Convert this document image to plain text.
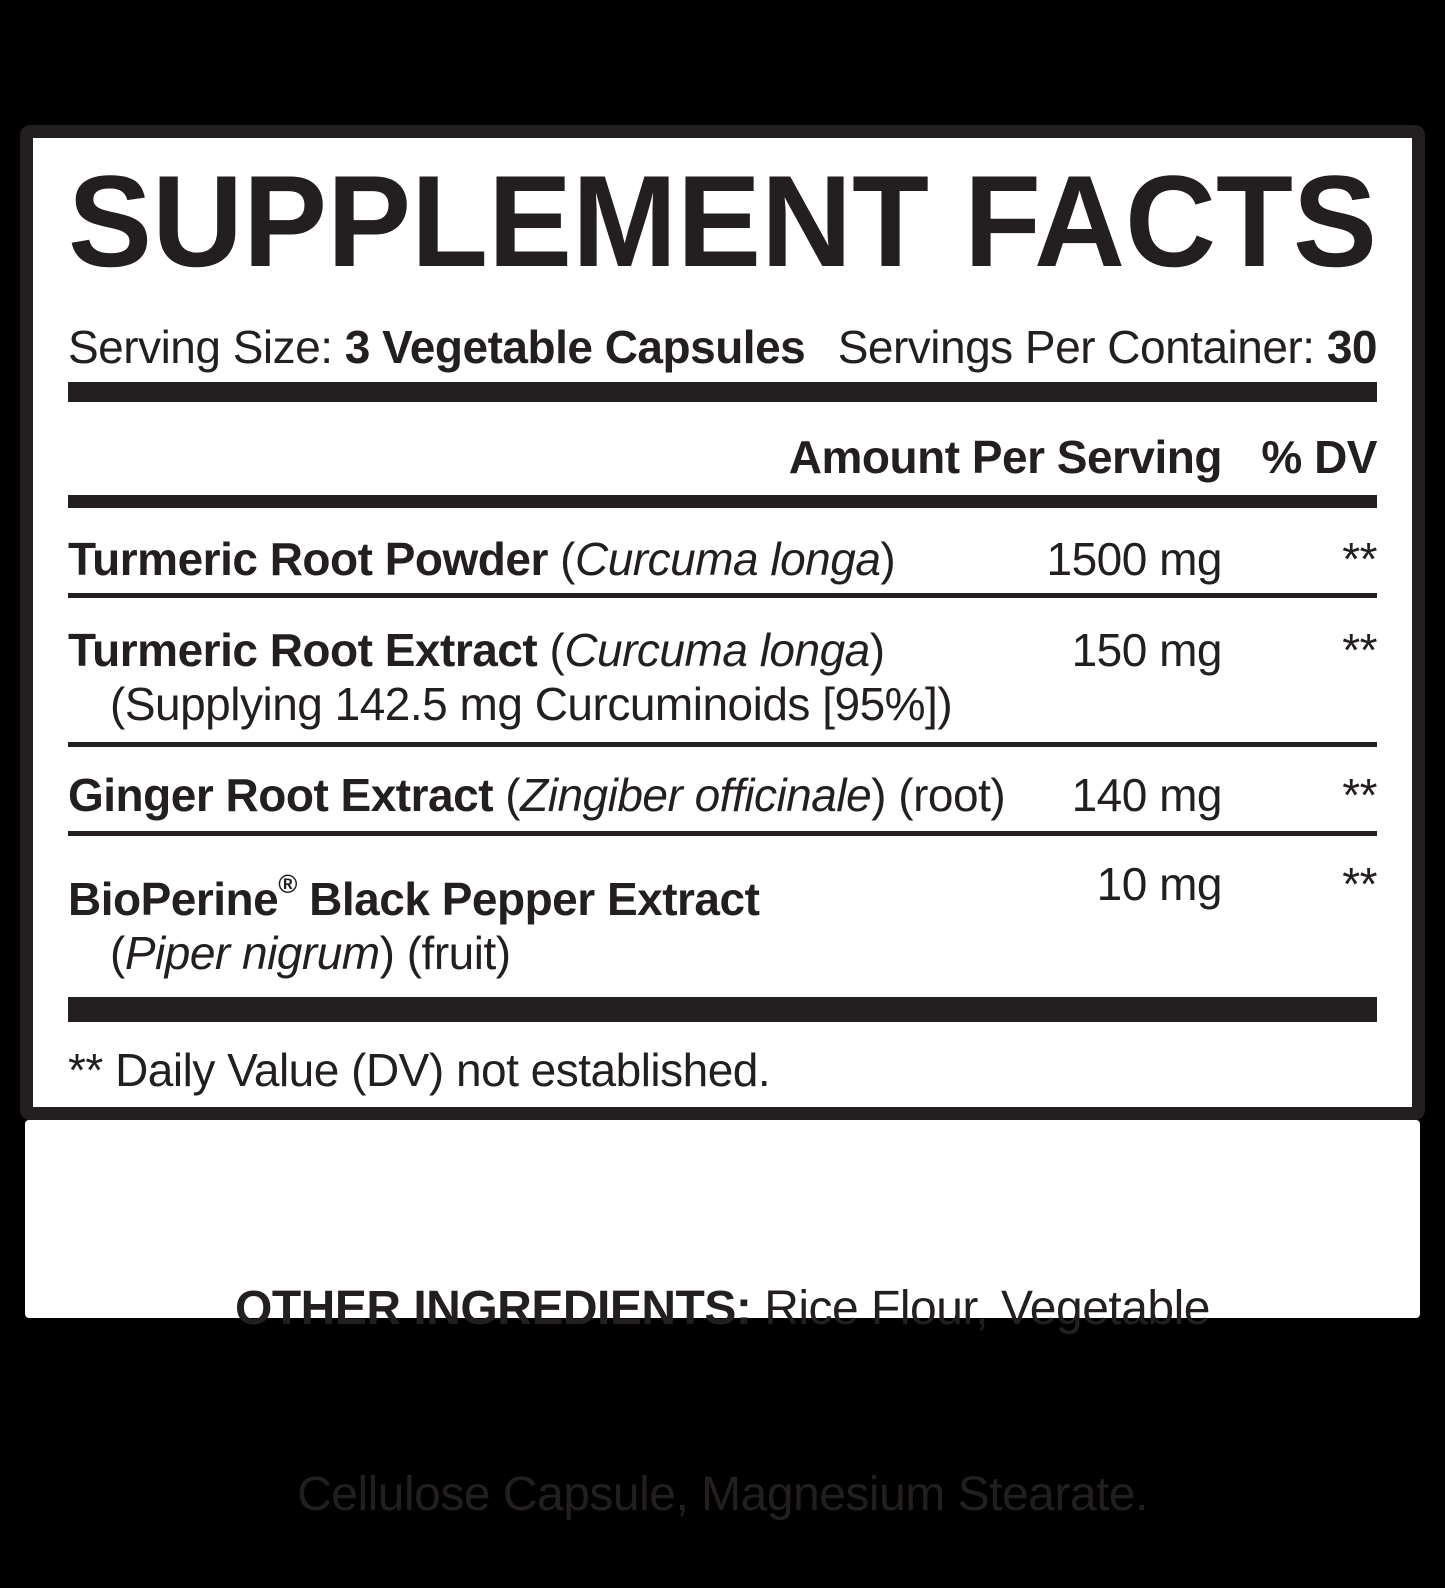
SUPPLEMENT FACTS
Serving Size: 3 Vegetable Capsules Servings Per Container: 30
Amount Per Serving % DV
Turmeric Root Powder (Curcuma longa)	1500 mg	**
Turmeric Root Extract (Curcuma longa)	150 mg	**
(Supplying 142.5 mg Curcuminoids [95%])
Ginger Root Extract (Zingiber officinale) (root) 140 mg	**
BioPerine® Black Pepper Extract	10 mg	**
(Piper nigrum) (fruit)
** Daily Value (DV) not established.

OTHER INGREDIENTS: Rice Flour, Vegetable

Cellulose Capsule, Magnesium Stearate.
